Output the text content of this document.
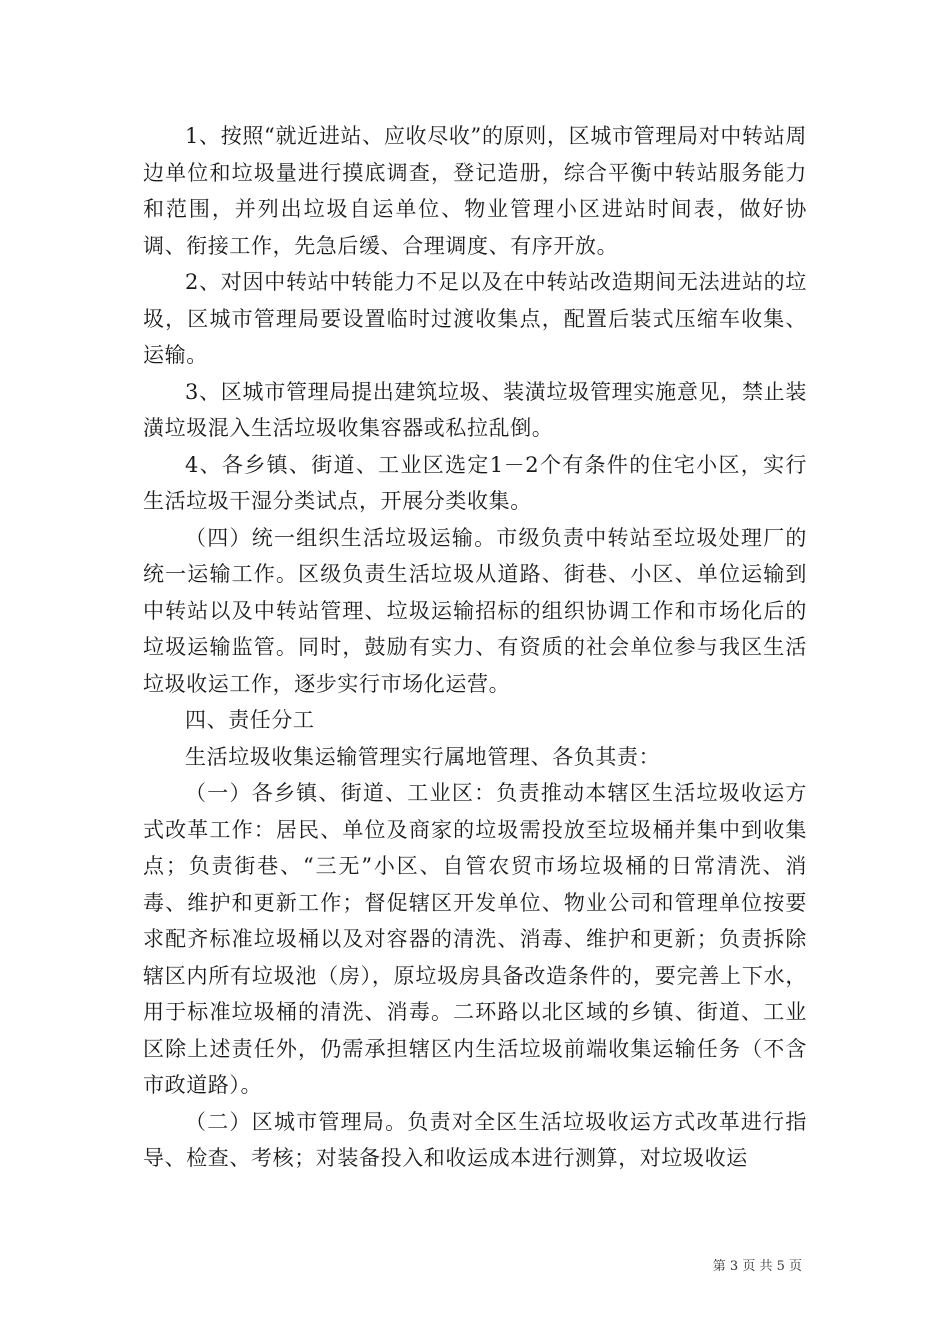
1、按照“就近进站、应收尽收”的原则，区城市管理局对中转站周边单位和垃圾量进行摸底调查，登记造册，综合平衡中转站服务能力和范围，并列出垃圾自运单位、物业管理小区进站时间表，做好协调、衔接工作，先急后缓、合理调度、有序开放。

2、对因中转站中转能力不足以及在中转站改造期间无法进站的垃圾，区城市管理局要设置临时过渡收集点，配置后装式压缩车收集、运输。

3、区城市管理局提出建筑垃圾、装潢垃圾管理实施意见，禁止装潢垃圾混入生活垃圾收集容器或私拉乱倒。

4、各乡镇、街道、工业区选定1－2个有条件的住宅小区，实行生活垃圾干湿分类试点，开展分类收集。

（四）统一组织生活垃圾运输。市级负责中转站至垃圾处理厂的统一运输工作。区级负责生活垃圾从道路、街巷、小区、单位运输到中转站以及中转站管理、垃圾运输招标的组织协调工作和市场化后的垃圾运输监管。同时，鼓励有实力、有资质的社会单位参与我区生活垃圾收运工作，逐步实行市场化运营。

四、责任分工

生活垃圾收集运输管理实行属地管理、各负其责：

（一）各乡镇、街道、工业区：负责推动本辖区生活垃圾收运方式改革工作：居民、单位及商家的垃圾需投放至垃圾桶并集中到收集点；负责街巷、“三无”小区、自管农贸市场垃圾桶的日常清洗、消毒、维护和更新工作；督促辖区开发单位、物业公司和管理单位按要求配齐标准垃圾桶以及对容器的清洗、消毒、维护和更新；负责拆除辖区内所有垃圾池（房），原垃圾房具备改造条件的，要完善上下水，用于标准垃圾桶的清洗、消毒。二环路以北区域的乡镇、街道、工业区除上述责任外，仍需承担辖区内生活垃圾前端收集运输任务（不含市政道路）。

（二）区城市管理局。负责对全区生活垃圾收运方式改革进行指导、检查、考核；对装备投入和收运成本进行测算，对垃圾收运

第 3 页 共 5 页
